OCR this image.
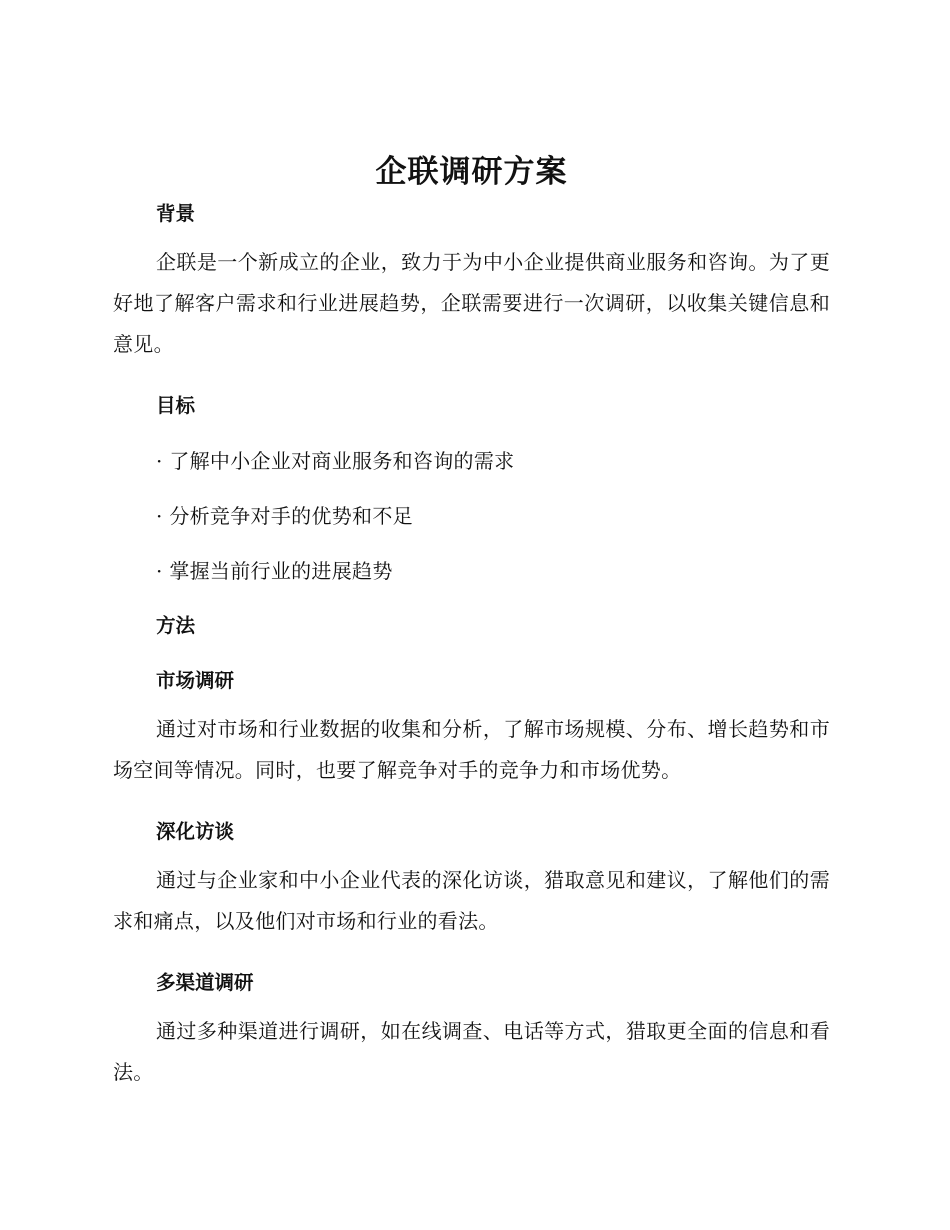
企联调研方案
背景

企联是一个新成立的企业，致力于为中小企业提供商业服务和咨询。为了更好地了解客户需求和行业进展趋势，企联需要进行一次调研，以收集关键信息和意见。

目标
· 了解中小企业对商业服务和咨询的需求
· 分析竞争对手的优势和不足
· 掌握当前行业的进展趋势
方法
市场调研

通过对市场和行业数据的收集和分析，了解市场规模、分布、增长趋势和市场空间等情况。同时，也要了解竞争对手的竞争力和市场优势。

深化访谈

通过与企业家和中小企业代表的深化访谈，猎取意见和建议，了解他们的需求和痛点，以及他们对市场和行业的看法。

多渠道调研

通过多种渠道进行调研，如在线调查、电话等方式，猎取更全面的信息和看法。
